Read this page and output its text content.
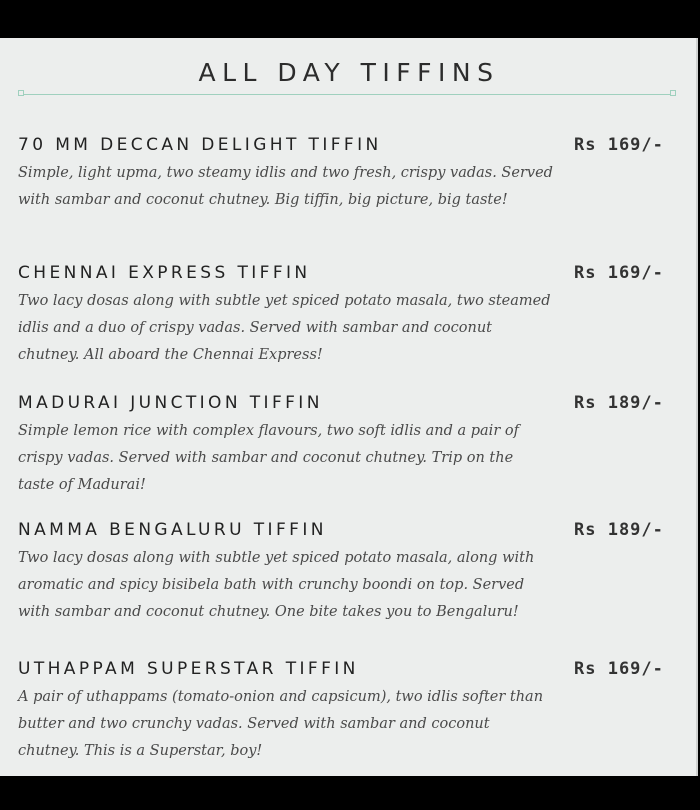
ALL DAY TIFFINS
70 MM DECCAN DELIGHT TIFFIN	Rs 169/-
Simple, light upma, two steamy idlis and two fresh, crispy vadas. Served with sambar and coconut chutney. Big tiffin, big picture, big taste!
CHENNAI EXPRESS TIFFIN	Rs 169/-
Two lacy dosas along with subtle yet spiced potato masala, two steamed idlis and a duo of crispy vadas. Served with sambar and coconut chutney. All aboard the Chennai Express!
MADURAI JUNCTION TIFFIN	Rs 189/-
Simple lemon rice with complex flavours, two soft idlis and a pair of crispy vadas. Served with sambar and coconut chutney. Trip on the taste of Madurai!
NAMMA BENGALURU TIFFIN	Rs 189/-
Two lacy dosas along with subtle yet spiced potato masala, along with aromatic and spicy bisibela bath with crunchy boondi on top. Served with sambar and coconut chutney. One bite takes you to Bengaluru!
UTHAPPAM SUPERSTAR TIFFIN	Rs 169/-
A pair of uthappams (tomato-onion and capsicum), two idlis softer than butter and two crunchy vadas. Served with sambar and coconut chutney. This is a Superstar, boy!
